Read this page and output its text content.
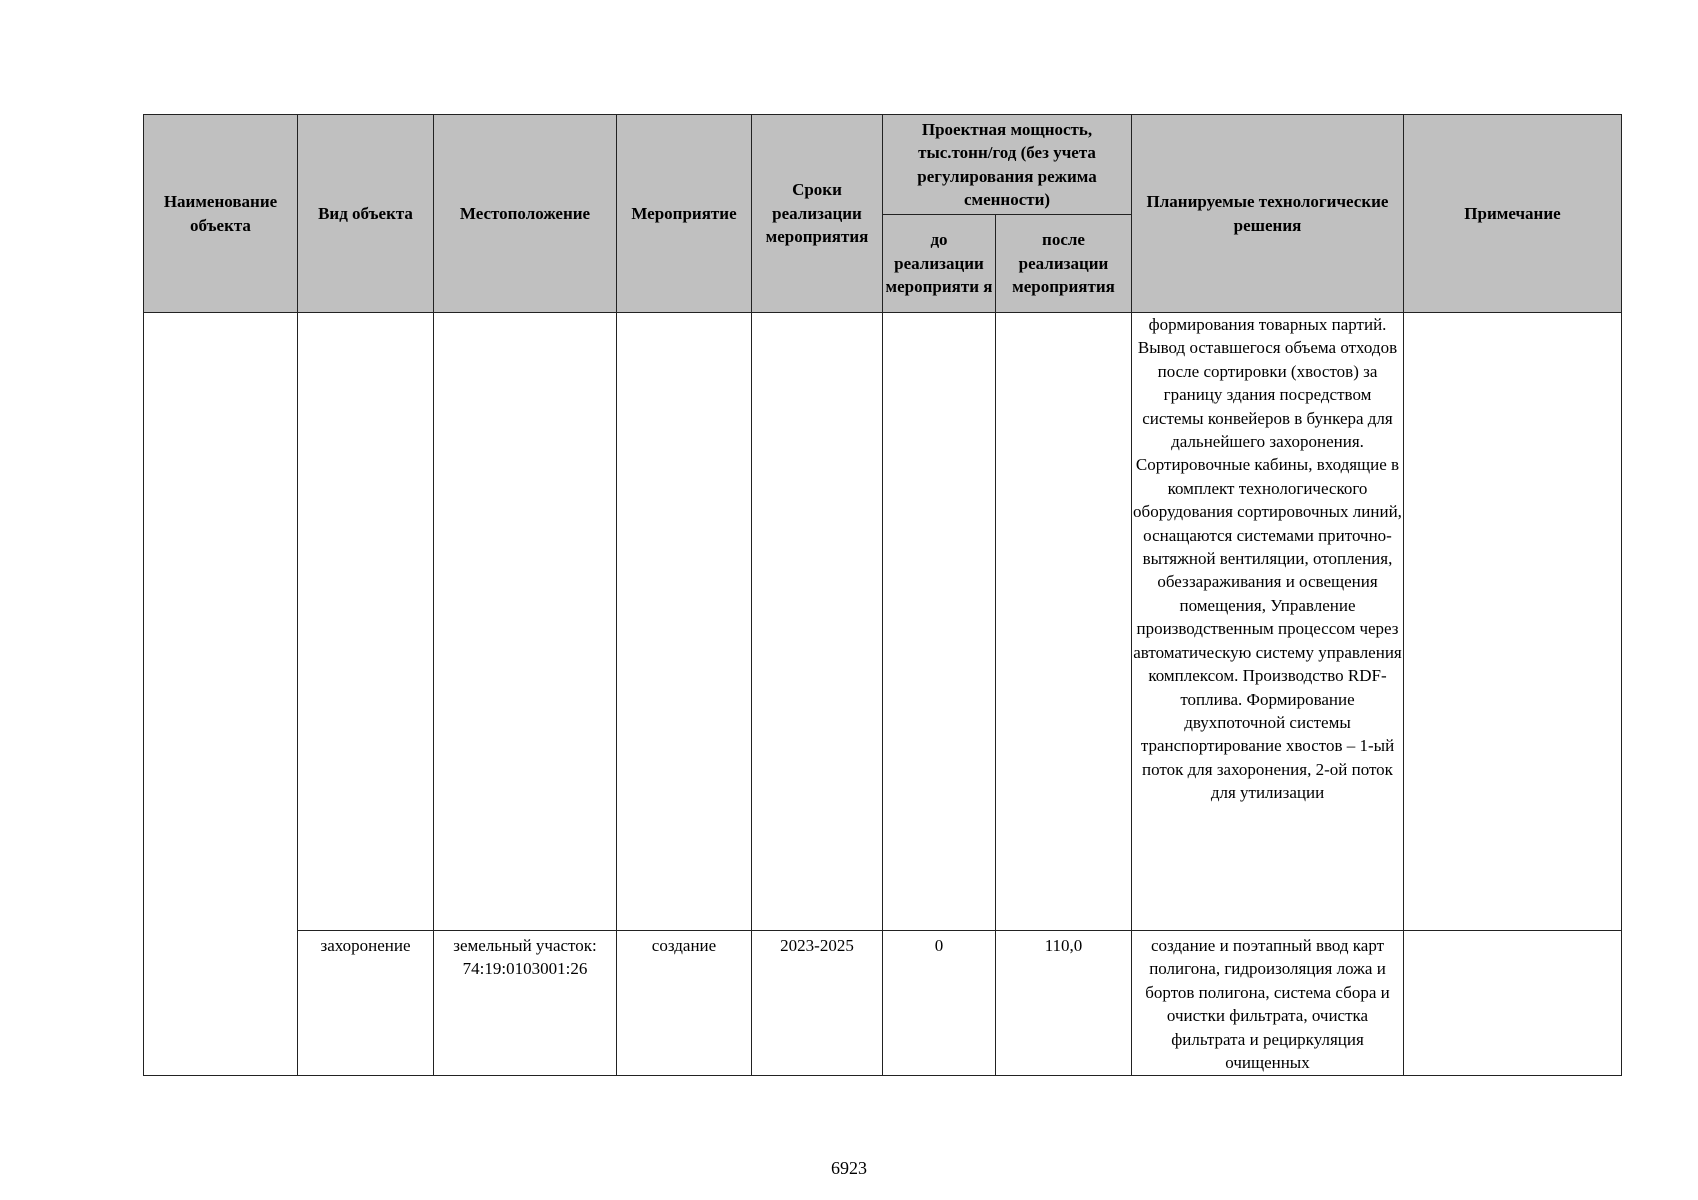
Наименование объекта	Вид объекта	Местоположение	Мероприятие	Сроки реализации мероприятия	Проектная мощность, тыс.тонн/год (без учета регулирования режима сменности)		Планируемые технологические решения	Примечание
					до реализации мероприяти я	после реализации мероприятия		
							формирования товарных партий. Вывод оставшегося объема отходов после сортировки (хвостов) за границу здания посредством системы конвейеров в бункера для дальнейшего захоронения. Сортировочные кабины, входящие в комплект технологического оборудования сортировочных линий, оснащаются системами приточно-вытяжной вентиляции, отопления, обеззараживания и освещения помещения, Управление производственным процессом через автоматическую систему управления комплексом. Производство RDF-топлива. Формирование двухпоточной системы транспортирование хвостов – 1-ый поток для захоронения, 2-ой поток для утилизации	
	захоронение	земельный участок: 74:19:0103001:26	создание	2023-2025	0	110,0	создание и поэтапный ввод карт полигона, гидроизоляция ложа и бортов полигона, система сбора и очистки фильтрата, очистка фильтрата и рециркуляция очищенных	
6923
